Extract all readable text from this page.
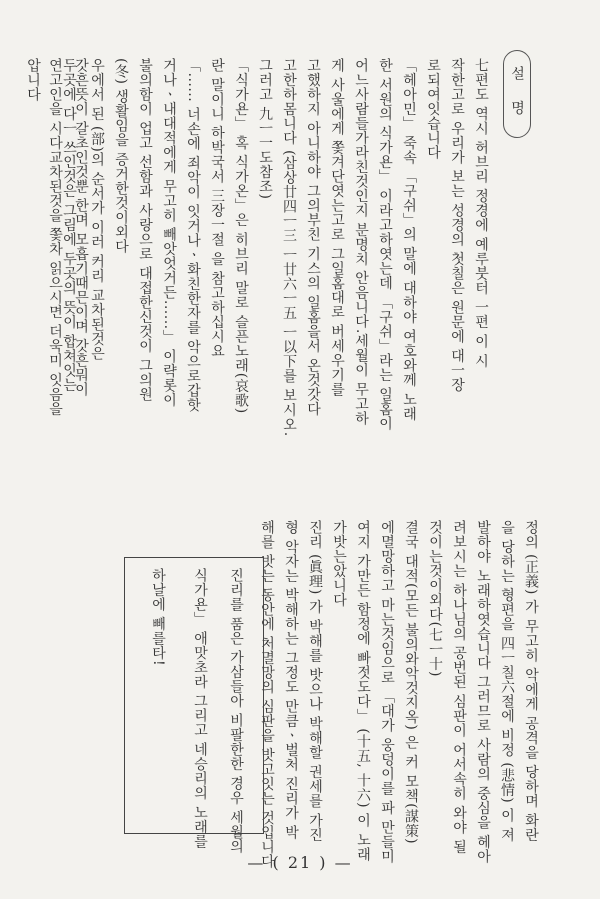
설 명
七편도 역시 허브리 정경에 예루붓터 一편 이 시
작한고로 우리가 보는 성경의 첫칠은 원문에 대一장
로되여잇습니다
「헤아민」 죽속 「구쉬」의 말에 대하야 여호와께 노래
한 서원의 식가욘」 이라고하엿는데 「구쉬」라는 일홈이
어느사람들가라친것인지 분명치 안음니다.세월이 무고하
게 사울에게 쫓겨단엿는고로 그일홈대로 버세우기를
고했하지 아니하야 그의부친 기스의 일홈을서 온것갓다
고한하몸니다 (삼상廿四ㅡ三 ㅡ廿六ㅡ五 ㅡ以下를 보시오.
그러고 九ㅡ一도참조)
「식가욘」 혹 식가온」은 히브리 말로 슬픈노래(哀歌)
란 말이니 하박국서 三장一절 을 참고하십시요
「...... 너손에 죄악이 잇거나ㆍ화친한자를 악으로갑핫
거나ㆍ내대적에게 무고히 빼앗엇거든......」 이략롯이
불의함이 업고 선함과 사랑으로 대접한신것이 그의원
(冬) 생활임을 증거한것이외다
우에서 된 (部)의 순서가 이러 커리 교차된것은
갓흔뜻이 갈초인것뿐 한며 모흡기때믄이며 갓흔뭐이
두곳에 다ㅡ 쓰인것은 그림에 두곳의 뜻이 합쳐잇는
연고인을 시다교차된것을 쫓차 읽으시면 더욱미 잇음을
압니다
정의 (正義) 가 무고히 악에게 공격을 당하며 화란
을 당하는 형편을 四ㅡ칠六절에 비정 (悲情) 이 져
발하야 노래하엿습니다 그러므로 사람의 중심을 헤아
려보시는 하나님의 공번된 심판이 어서속히 와야 될
것이는것이외다(七ㅡ十)
결국 대적(모든 불의와악것지옥) 은 커 모책(謀策)
에멸망하고 마는것임으로 「대가 웅덩이를 파 만들미
여지 가만든 함정에 빠젓도다」 (十五, 十六) 이 노래
가밧는았니다
진리 (眞理) 가 박해를 밧으나 박해할 권세를 가진
형 악자는 박해하는 그정도 만큼ㆍ벌처 진리가 박
해를 밧는 동안에 처멸망의 심판을 밧고잇는 것입니다
진리를 품은 가삼들아 비팔한한 경우 세월의
식가욘」 애맛초라 그리고 네승리의 노래를
하날에 빼를타!
— ( 21 ) —
